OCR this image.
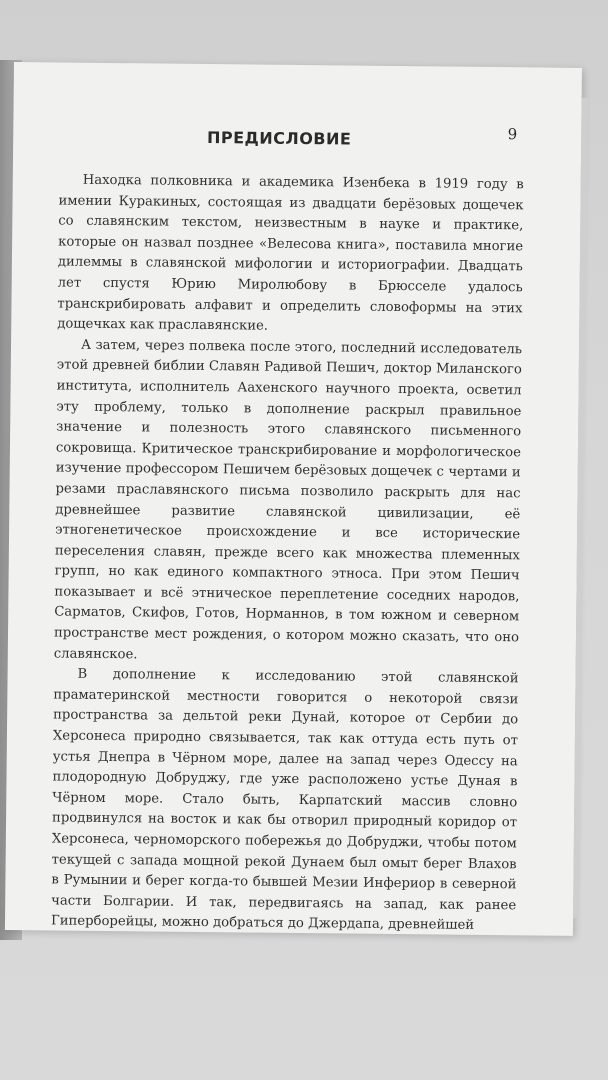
ПРЕДИСЛОВИЕ	9

Находка полковника и академика Изенбека в 1919 году в имении Куракиных, состоящая из двадцати берёзовых дощечек со славянским текстом, неизвестным в науке и практике, которые он назвал позднее «Велесова книга», поставила многие дилеммы в славянской мифологии и историографии. Двадцать лет спустя Юрию Миролюбову в Брюсселе удалось транскрибировать алфавит и определить словоформы на этих дощечках как праславянские.

А затем, через полвека после этого, последний исследователь этой древней библии Славян Радивой Пешич, доктор Миланского института, исполнитель Аахенского научного проекта, осветил эту проблему, только в дополнение раскрыл правильное значение и полезность этого славянского письменного сокровища. Критическое транскрибирование и морфологическое изучение профессором Пешичем берёзовых дощечек с чертами и резами праславянского письма позволило раскрыть для нас древнейшее развитие славянской цивилизации, её этногенетическое происхождение и все исторические переселения славян, прежде всего как множества племенных групп, но как единого компактного этноса. При этом Пешич показывает и всё этническое переплетение соседних народов, Сарматов, Скифов, Готов, Норманнов, в том южном и северном пространстве мест рождения, о котором можно сказать, что оно славянское.

В дополнение к исследованию этой славянской праматеринской местности говорится о некоторой связи пространства за дельтой реки Дунай, которое от Сербии до Херсонеса природно связывается, так как оттуда есть путь от устья Днепра в Чёрном море, далее на запад через Одессу на плодородную Добруджу, где уже расположено устье Дуная в Чёрном море. Стало быть, Карпатский массив словно продвинулся на восток и как бы отворил природный коридор от Херсонеса, черноморского побережья до Добруджи, чтобы потом текущей с запада мощной рекой Дунаем был омыт берег Влахов в Румынии и берег когда-то бывшей Мезии Инфериор в северной части Болгарии. И так, передвигаясь на запад, как ранее Гиперборейцы, можно добраться до Джердапа, древнейшей
